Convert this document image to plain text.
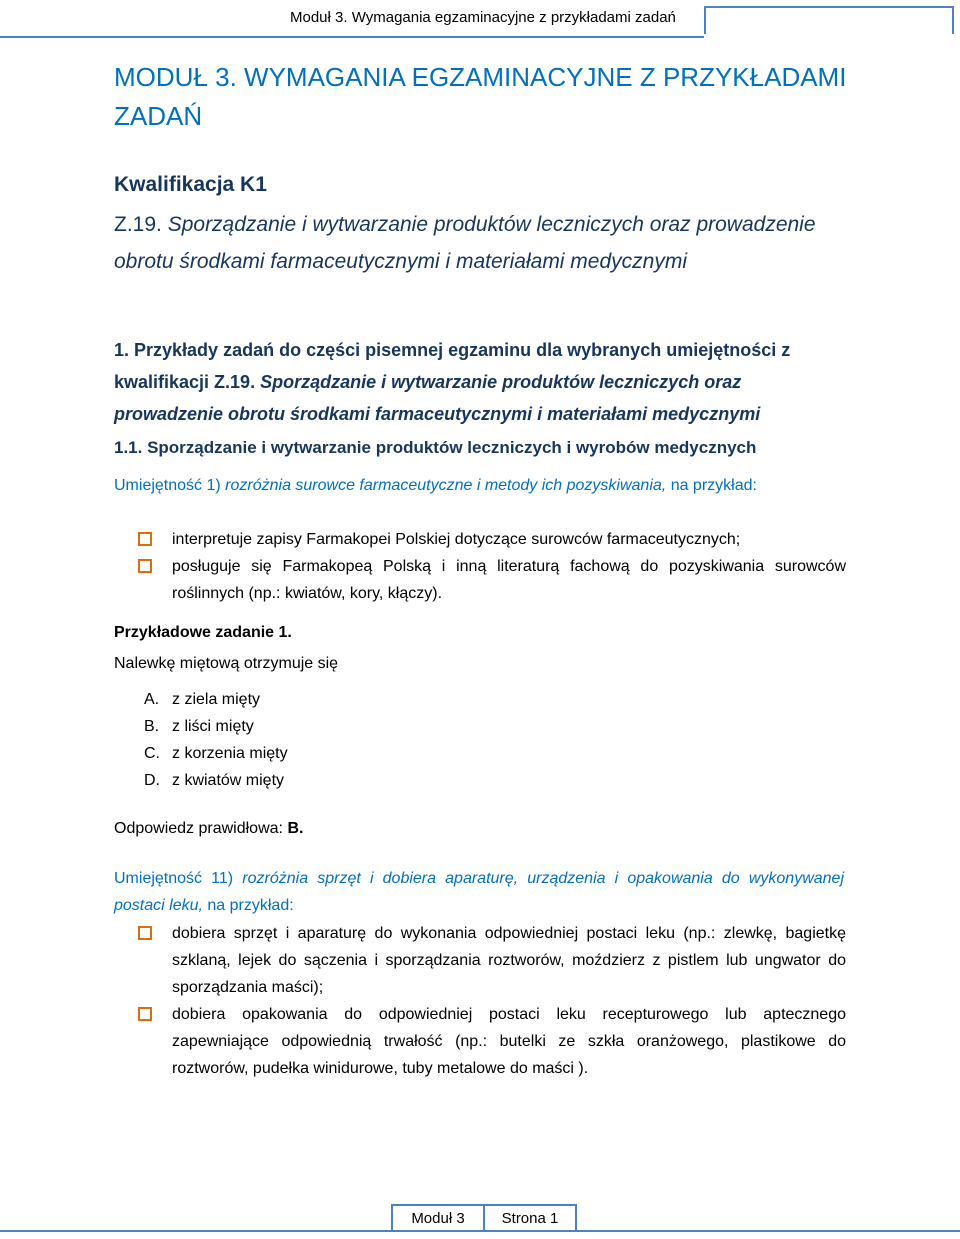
Moduł 3. Wymagania egzaminacyjne z przykładami zadań
MODUŁ 3. WYMAGANIA EGZAMINACYJNE Z PRZYKŁADAMI ZADAŃ
Kwalifikacja K1
Z.19. Sporządzanie i wytwarzanie produktów leczniczych oraz prowadzenie obrotu środkami farmaceutycznymi i materiałami medycznymi
1. Przykłady zadań do części pisemnej egzaminu dla wybranych umiejętności z kwalifikacji Z.19. Sporządzanie i wytwarzanie produktów leczniczych oraz prowadzenie obrotu środkami farmaceutycznymi i materiałami medycznymi
1.1. Sporządzanie i wytwarzanie produktów leczniczych i wyrobów medycznych
Umiejętność 1) rozróżnia surowce farmaceutyczne i metody ich pozyskiwania, na przykład:
interpretuje zapisy Farmakopei Polskiej dotyczące surowców farmaceutycznych;
posługuje się Farmakopeą Polską i inną literaturą fachową do pozyskiwania surowców roślinnych (np.: kwiatów, kory, kłączy).
Przykładowe zadanie 1.
Nalewkę miętową otrzymuje się
A. z ziela mięty
B. z liści mięty
C. z korzenia mięty
D. z kwiatów mięty
Odpowiedz prawidłowa: B.
Umiejętność 11) rozróżnia sprzęt i dobiera aparaturę, urządzenia i opakowania do wykonywanej postaci leku, na przykład:
dobiera sprzęt i aparaturę do wykonania odpowiedniej postaci leku (np.: zlewkę, bagietkę szklaną, lejek do sączenia i sporządzania roztworów, moździerz z pistlem lub ungwator do sporządzania maści);
dobiera opakowania do odpowiedniej postaci leku recepturowego lub aptecznego zapewniające odpowiednią trwałość (np.: butelki ze szkła oranżowego, plastikowe do roztworów, pudełka winidurowe, tuby metalowe do maści ).
Moduł 3	Strona 1
